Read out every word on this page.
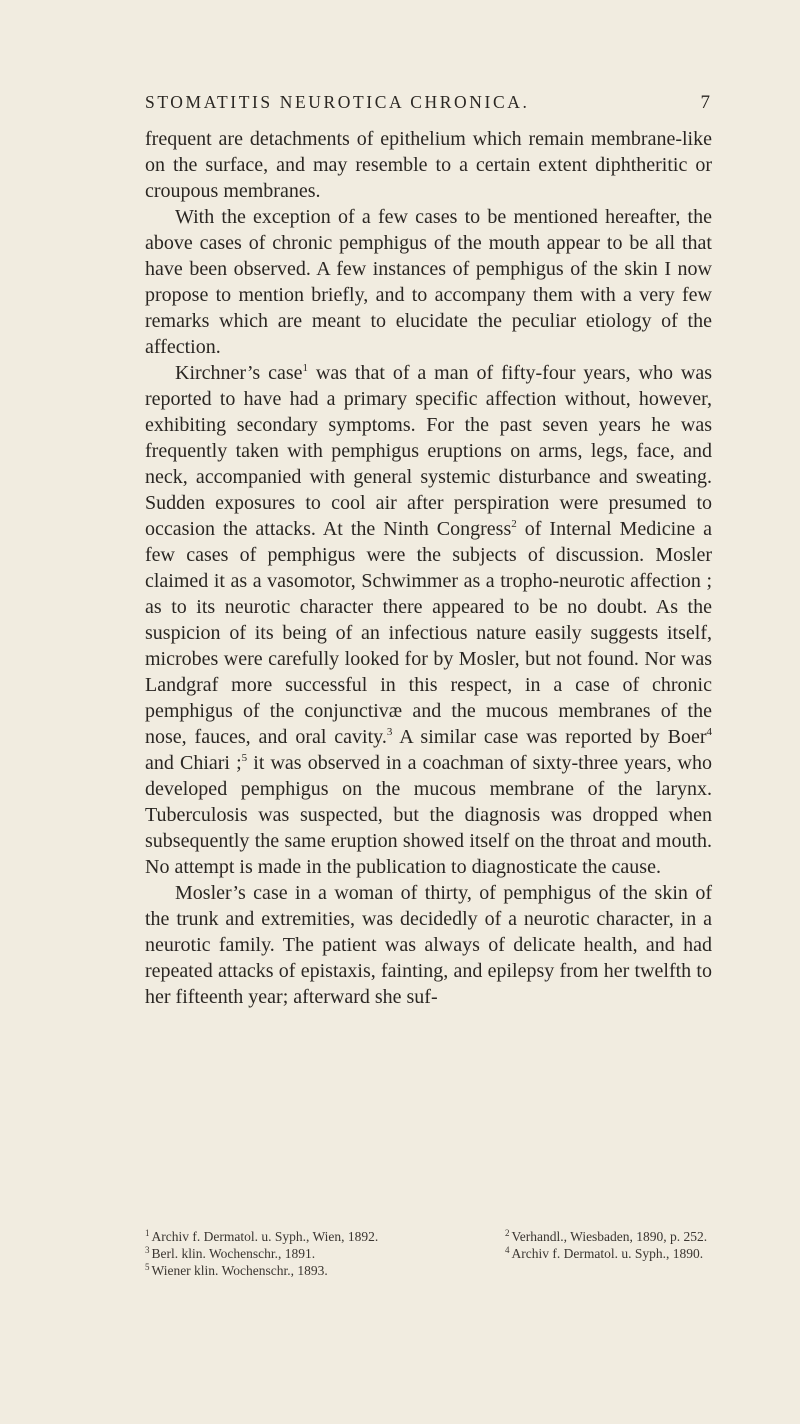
STOMATITIS NEUROTICA CHRONICA.	7

frequent are detachments of epithelium which remain membrane-like on the surface, and may resemble to a certain extent diphtheritic or croupous membranes.

With the exception of a few cases to be mentioned hereafter, the above cases of chronic pemphigus of the mouth appear to be all that have been observed. A few instances of pemphigus of the skin I now propose to mention briefly, and to accompany them with a very few remarks which are meant to elucidate the peculiar etiology of the affection.

Kirchner’s case$^1$ was that of a man of fifty-four years, who was reported to have had a primary specific affection without, however, exhibiting secondary symptoms. For the past seven years he was frequently taken with pemphigus eruptions on arms, legs, face, and neck, accompanied with general systemic disturbance and sweating. Sudden exposures to cool air after perspiration were presumed to occasion the attacks. At the Ninth Congress$^2$ of Internal Medicine a few cases of pemphigus were the subjects of discussion. Mosler claimed it as a vasomotor, Schwimmer as a tropho-neurotic affection ; as to its neurotic character there appeared to be no doubt. As the suspicion of its being of an infectious nature easily suggests itself, microbes were carefully looked for by Mosler, but not found. Nor was Landgraf more successful in this respect, in a case of chronic pemphigus of the conjunctivæ and the mucous membranes of the nose, fauces, and oral cavity.$^3$ A similar case was reported by Boer$^4$ and Chiari ;$^5$ it was observed in a coachman of sixty-three years, who developed pemphigus on the mucous membrane of the larynx. Tuberculosis was suspected, but the diagnosis was dropped when subsequently the same eruption showed itself on the throat and mouth. No attempt is made in the publication to diagnosticate the cause.

Mosler’s case in a woman of thirty, of pemphigus of the skin of the trunk and extremities, was decidedly of a neurotic character, in a neurotic family. The patient was always of delicate health, and had repeated attacks of epistaxis, fainting, and epilepsy from her twelfth to her fifteenth year; afterward she suf-

$^1$ Archiv f. Dermatol. u. Syph., Wien, 1892.	$^2$ Verhandl., Wiesbaden, 1890, p. 252.
$^3$ Berl. klin. Wochenschr., 1891.	$^4$ Archiv f. Dermatol. u. Syph., 1890.
$^5$ Wiener klin. Wochenschr., 1893.
